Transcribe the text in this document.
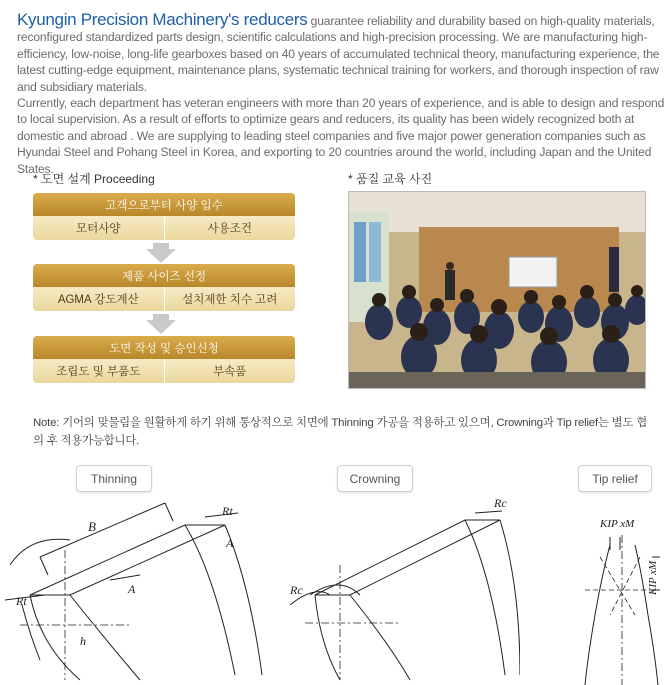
Kyungin Precision Machinery's reducers guarantee reliability and durability based on high-quality materials, reconfigured standardized parts design, scientific calculations and high-precision processing. We are manufacturing high-efficiency, low-noise, long-life gearboxes based on 40 years of accumulated technical theory, manufacturing experience, the latest cutting-edge equipment, maintenance plans, systematic technical training for workers, and thorough inspection of raw and subsidiary materials.
Currently, each department has veteran engineers with more than 20 years of experience, and is able to design and respond to local supervision. As a result of efforts to optimize gears and reducers, its quality has been widely recognized both at domestic and abroad . We are supplying to leading steel companies and five major power generation companies such as Hyundai Steel and Pohang Steel in Korea, and exporting to 20 countries around the world, including Japan and the United States.
* 도면 설계 Proceeding
고객으로부터 사양 입수
모터사양	사용조건
제품 사이즈 선정
AGMA 강도계산	설치제한 치수 고려
도면 작성 및 승인신청
조립도 및 부품도	부속품
* 품질 교육 사진
Note: 기어의 맞물림을 원활하게 하기 위해 통상적으로 치면에 Thinning 가공을 적용하고 있으며, Crowning과 Tip relief는 별도 협의 후 적용가능합니다.
Thinning	Crowning	Tip relief
B
Rt
A
Rt
A
h
Rc
Rc
KIP xM
KIP xM
